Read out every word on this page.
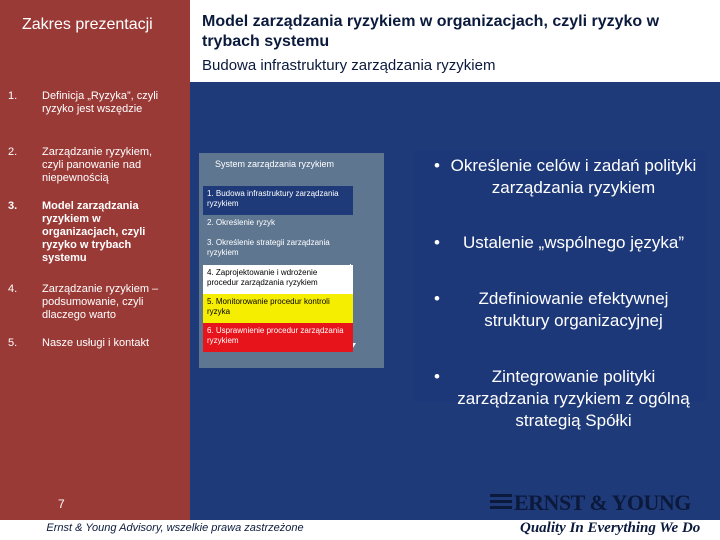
Zakres prezentacji
1.	Definicja „Ryzyka”, czyli ryzyko jest wszędzie
2.	Zarządzanie ryzykiem, czyli panowanie nad niepewnością
3.	Model zarządzania ryzykiem w organizacjach, czyli ryzyko w trybach systemu
4.	Zarządzanie ryzykiem – podsumowanie, czyli dlaczego warto
5.	Nasze usługi i kontakt
7
Model zarządzania ryzykiem w organizacjach, czyli ryzyko w trybach systemu
Budowa infrastruktury zarządzania ryzykiem
System zarządzania ryzykiem
1. Budowa infrastruktury zarządzania ryzykiem
2. Określenie ryzyk
3. Określenie strategii zarządzania ryzykiem
4. Zaprojektowanie i wdrożenie procedur zarządzania ryzykiem
5. Monitorowanie procedur kontroli ryzyka
6. Usprawnienie procedur zarządzania ryzykiem
• Określenie celów i zadań polityki zarządzania ryzykiem
•	Ustalenie „wspólnego języka”
•	Zdefiniowanie efektywnej struktury organizacyjnej
•	Zintegrowanie polityki zarządzania ryzykiem z ogólną strategią Spółki
Ernst & Young Advisory, wszelkie prawa zastrzeżone
ERNST & YOUNG
Quality In Everything We Do
